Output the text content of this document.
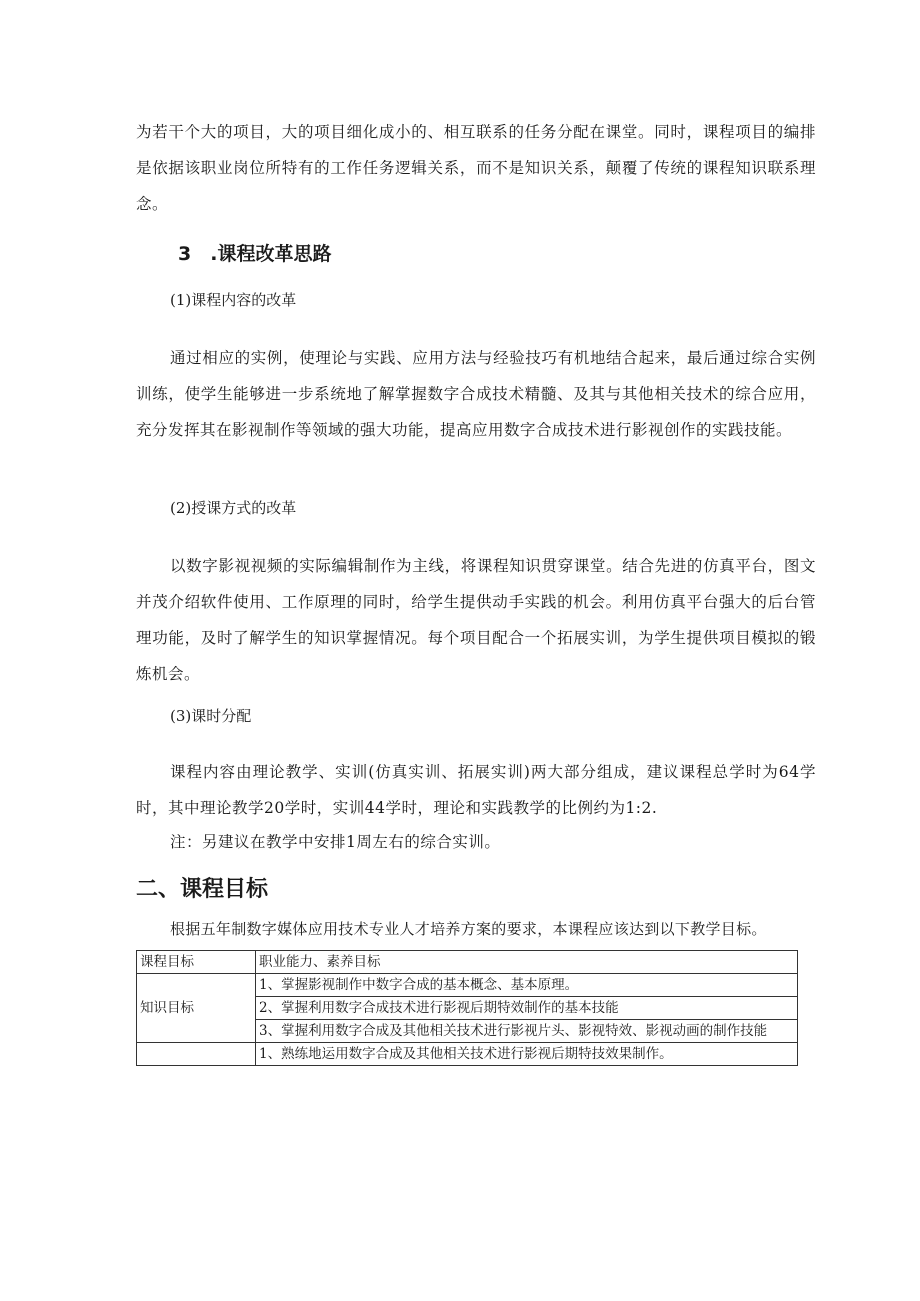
为若干个大的项目，大的项目细化成小的、相互联系的任务分配在课堂。同时，课程项目的编排是依据该职业岗位所特有的工作任务逻辑关系，而不是知识关系，颠覆了传统的课程知识联系理念。

3　.课程改革思路

(1)课程内容的改革

通过相应的实例，使理论与实践、应用方法与经验技巧有机地结合起来，最后通过综合实例训练，使学生能够进一步系统地了解掌握数字合成技术精髓、及其与其他相关技术的综合应用，充分发挥其在影视制作等领域的强大功能，提高应用数字合成技术进行影视创作的实践技能。

(2)授课方式的改革

以数字影视视频的实际编辑制作为主线，将课程知识贯穿课堂。结合先进的仿真平台，图文并茂介绍软件使用、工作原理的同时，给学生提供动手实践的机会。利用仿真平台强大的后台管理功能，及时了解学生的知识掌握情况。每个项目配合一个拓展实训，为学生提供项目模拟的锻炼机会。

(3)课时分配

课程内容由理论教学、实训(仿真实训、拓展实训)两大部分组成，建议课程总学时为64学时，其中理论教学20学时，实训44学时，理论和实践教学的比例约为1:2.

注：另建议在教学中安排1周左右的综合实训。

二、课程目标

根据五年制数字媒体应用技术专业人才培养方案的要求，本课程应该达到以下教学目标。

课程目标	职业能力、素养目标
知识目标	1、掌握影视制作中数字合成的基本概念、基本原理。
	2、掌握利用数字合成技术进行影视后期特效制作的基本技能
	3、掌握利用数字合成及其他相关技术进行影视片头、影视特效、影视动画的制作技能
	1、熟练地运用数字合成及其他相关技术进行影视后期特技效果制作。
